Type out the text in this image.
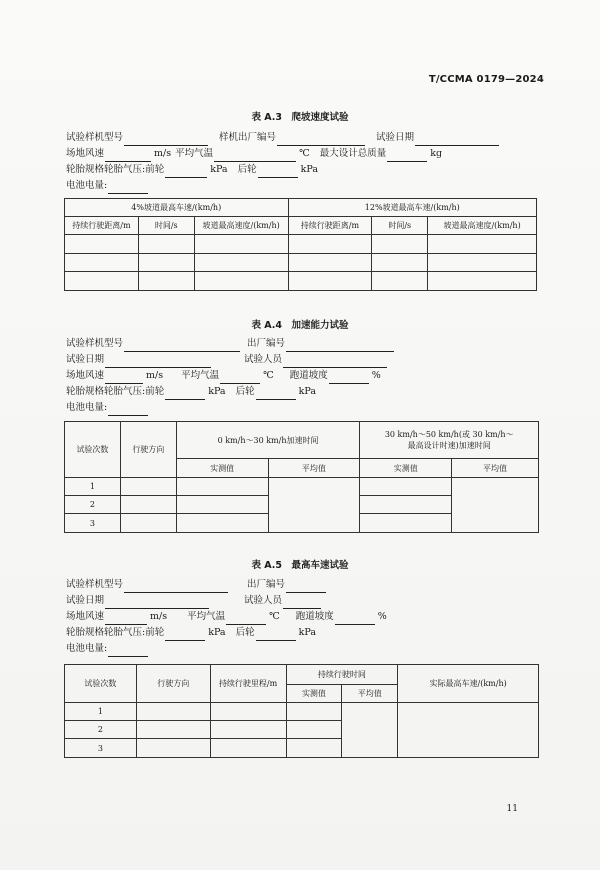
T/CCMA 0179—2024
表 A.3　爬坡速度试验
试验样机型号	样机出厂编号	试验日期
场地风速	m/s 平均气温	℃ 最大设计总质量	kg
轮胎规格轮胎气压:前轮	kPa 后轮	kPa
电池电量:
4%坡道最高车速/(km/h)			12%坡道最高车速/(km/h)		
持续行驶距离/m	时间/s	坡道最高速度/(km/h)	持续行驶距离/m	时间/s	坡道最高速度/(km/h)

表 A.4　加速能力试验
试验样机型号	出厂编号
试验日期	试验人员
场地风速	m/s 平均气温	℃ 跑道坡度	%
轮胎规格轮胎气压:前轮	kPa 后轮	kPa
电池电量:
试验次数	行驶方向	0 km/h～30 km/h加速时间		30 km/h～50 km/h(或 30 km/h～
最高设计时速)加速时间	
		实测值	平均值	实测值	平均值
1					
2					
3					
表 A.5　最高车速试验
试验样机型号	出厂编号
试验日期	试验人员
场地风速	m/s 平均气温	℃ 跑道坡度	%
轮胎规格轮胎气压:前轮	kPa 后轮	kPa
电池电量:
试验次数	行驶方向	持续行驶里程/m	持续行驶时间		实际最高车速/(km/h)
			实测值	平均值	
1					
2					
3					
11
